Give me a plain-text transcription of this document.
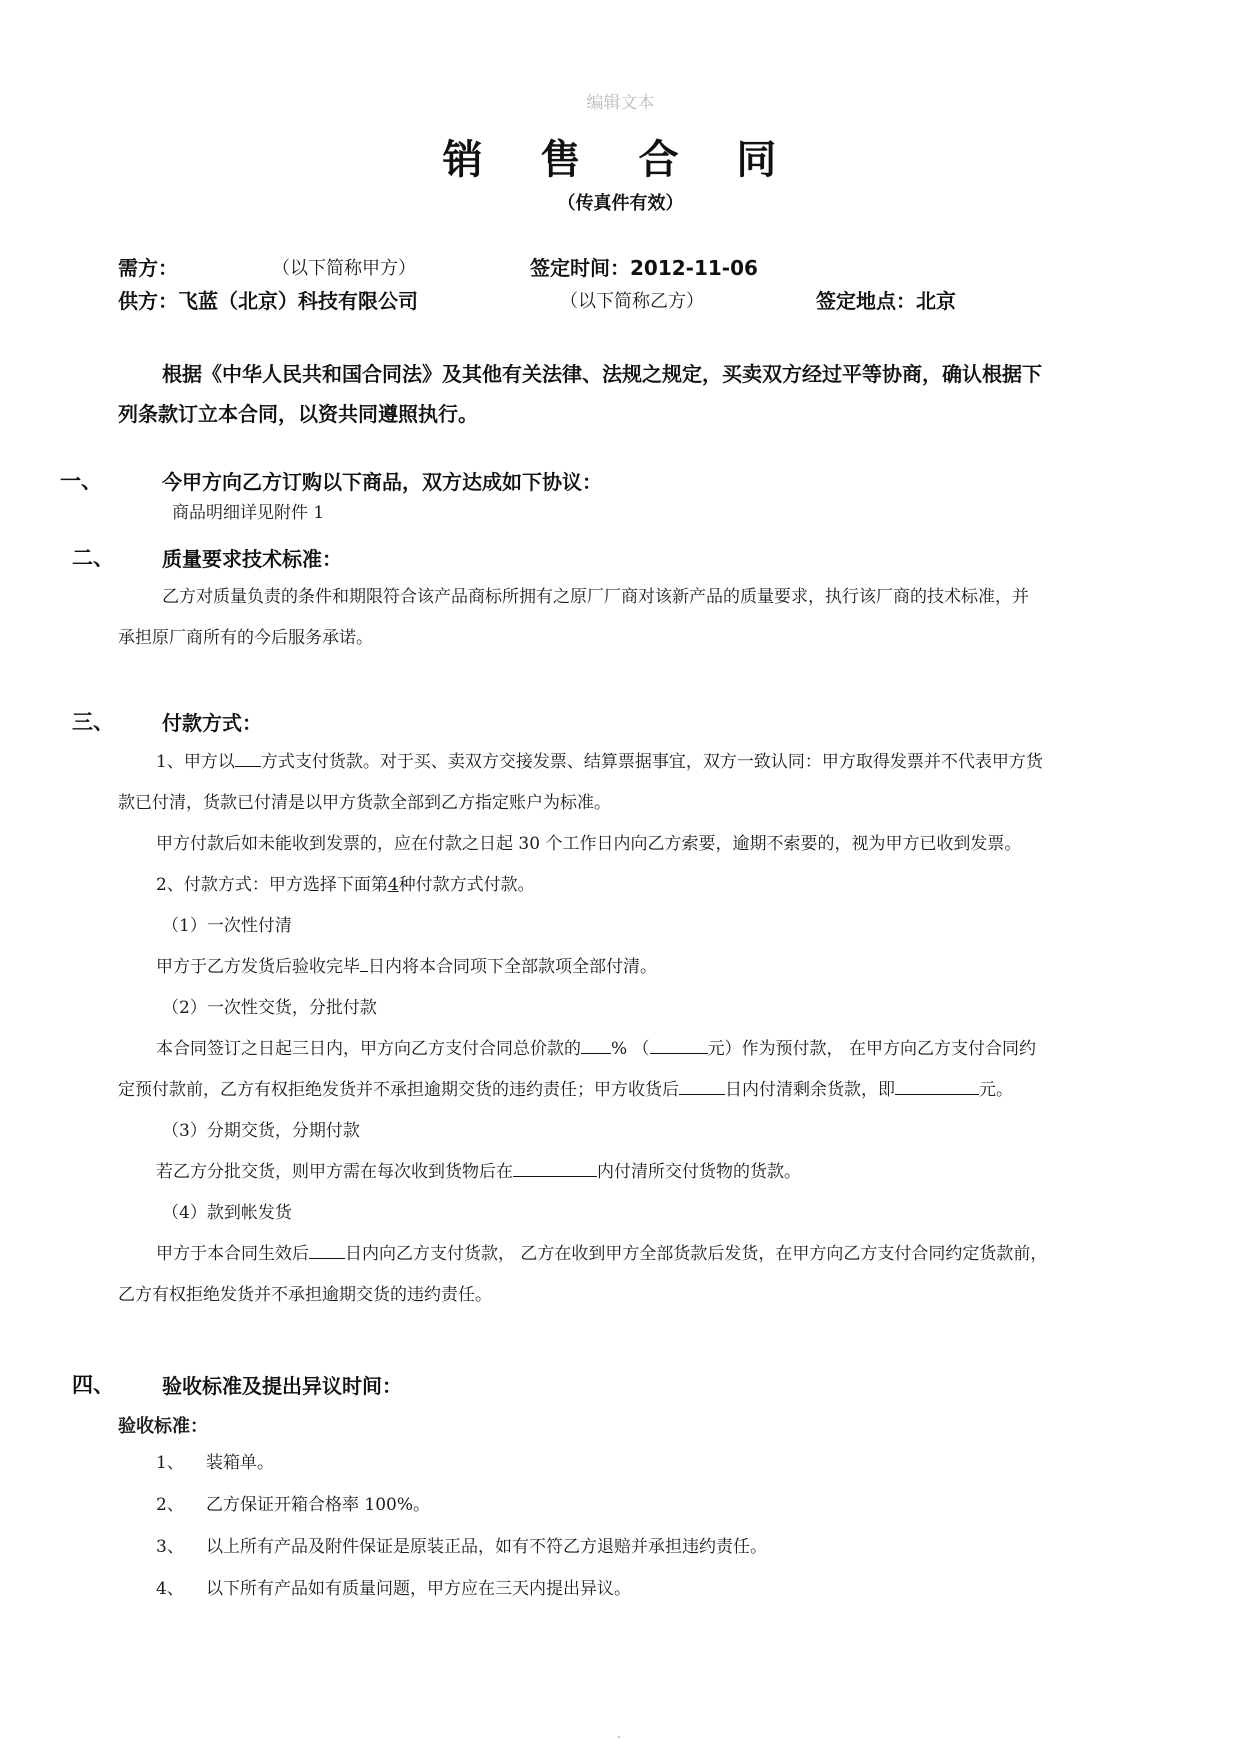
编辑文本
销 售 合 同
（传真件有效）
需方：	（以下简称甲方）	签定时间：2012-11-06
供方：飞蓝（北京）科技有限公司	（以下简称乙方）	签定地点：北京
根据《中华人民共和国合同法》及其他有关法律、法规之规定，买卖双方经过平等协商，确认根据下
列条款订立本合同，以资共同遵照执行。
一、	今甲方向乙方订购以下商品，双方达成如下协议：
商品明细详见附件 1
二、 质量要求技术标准：
乙方对质量负责的条件和期限符合该产品商标所拥有之原厂厂商对该新产品的质量要求，执行该厂商的技术标准，并
承担原厂商所有的今后服务承诺。
三、 付款方式：
1、甲方以 方式支付货款。对于买、卖双方交接发票、结算票据事宜，双方一致认同：甲方取得发票并不代表甲方货
款已付清，货款已付清是以甲方货款全部到乙方指定账户为标准。
甲方付款后如未能收到发票的，应在付款之日起 30 个工作日内向乙方索要，逾期不索要的，视为甲方已收到发票。
2、付款方式：甲方选择下面第4种付款方式付款。
（1）一次性付清
甲方于乙方发货后验收完毕 日内将本合同项下全部款项全部付清。
（2）一次性交货，分批付款
本合同签订之日起三日内，甲方向乙方支付合同总价款的 % （	元）作为预付款， 在甲方向乙方支付合同约
定预付款前，乙方有权拒绝发货并不承担逾期交货的违约责任；甲方收货后	日内付清剩余货款，即	元。
（3）分期交货，分期付款
若乙方分批交货，则甲方需在每次收到货物后在	内付清所交付货物的货款。
（4）款到帐发货
甲方于本合同生效后 日内向乙方支付货款， 乙方在收到甲方全部货款后发货，在甲方向乙方支付合同约定货款前，
乙方有权拒绝发货并不承担逾期交货的违约责任。
四、 验收标准及提出异议时间：
验收标准：
1、 装箱单。
2、 乙方保证开箱合格率 100%。
3、 以上所有产品及附件保证是原装正品，如有不符乙方退赔并承担违约责任。
4、 以下所有产品如有质量问题，甲方应在三天内提出异议。
